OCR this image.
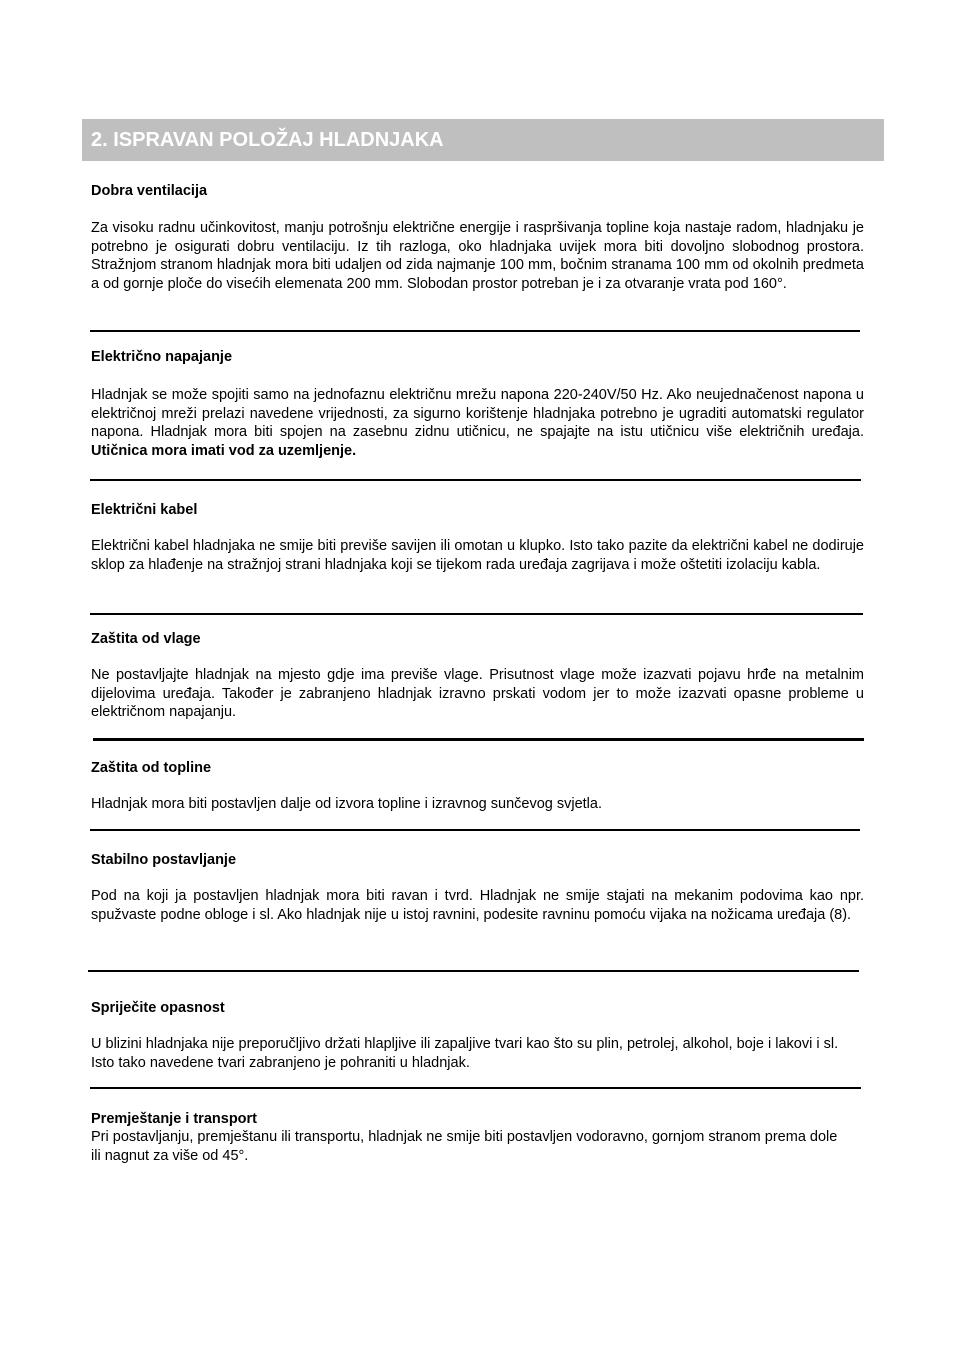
2. ISPRAVAN POLOŽAJ HLADNJAKA
Dobra ventilacija

Za visoku radnu učinkovitost, manju potrošnju električne energije i raspršivanja topline koja nastaje radom, hladnjaku je potrebno je osigurati dobru ventilaciju. Iz tih razloga, oko hladnjaka uvijek mora biti dovoljno slobodnog prostora. Stražnjom stranom hladnjak mora biti udaljen od zida najmanje 100 mm, bočnim stranama 100 mm od okolnih predmeta a od gornje ploče do visećih elemenata 200 mm. Slobodan prostor potreban je i za otvaranje vrata pod 160°.

Električno napajanje

Hladnjak se može spojiti samo na jednofaznu električnu mrežu napona 220-240V/50 Hz. Ako neujednačenost napona u električnoj mreži prelazi navedene vrijednosti, za sigurno korištenje hladnjaka potrebno je ugraditi automatski regulator napona. Hladnjak mora biti spojen na zasebnu zidnu utičnicu, ne spajajte na istu utičnicu više električnih uređaja. Utičnica mora imati vod za uzemljenje.

Električni kabel

Električni kabel hladnjaka ne smije biti previše savijen ili omotan u klupko. Isto tako pazite da električni kabel ne dodiruje sklop za hlađenje na stražnjoj strani hladnjaka koji se tijekom rada uređaja zagrijava i može oštetiti izolaciju kabla.

Zaštita od vlage

Ne postavljajte hladnjak na mjesto gdje ima previše vlage. Prisutnost vlage može izazvati pojavu hrđe na metalnim dijelovima uređaja. Također je zabranjeno hladnjak izravno prskati vodom jer to može izazvati opasne probleme u električnom napajanju.

Zaštita od topline

Hladnjak mora biti postavljen dalje od izvora topline i izravnog sunčevog svjetla.

Stabilno postavljanje

Pod na koji ja postavljen hladnjak mora biti ravan i tvrd. Hladnjak ne smije stajati na mekanim podovima kao npr. spužvaste podne obloge i sl. Ako hladnjak nije u istoj ravnini, podesite ravninu pomoću vijaka na nožicama uređaja (8).

Spriječite opasnost

U blizini hladnjaka nije preporučljivo držati hlapljive ili zapaljive tvari kao što su plin, petrolej, alkohol, boje i lakovi i sl. Isto tako navedene tvari zabranjeno je pohraniti u hladnjak.

Premještanje i transport

Pri postavljanju, premještanu ili transportu, hladnjak ne smije biti postavljen vodoravno, gornjom stranom prema dole ili nagnut za više od 45°.
